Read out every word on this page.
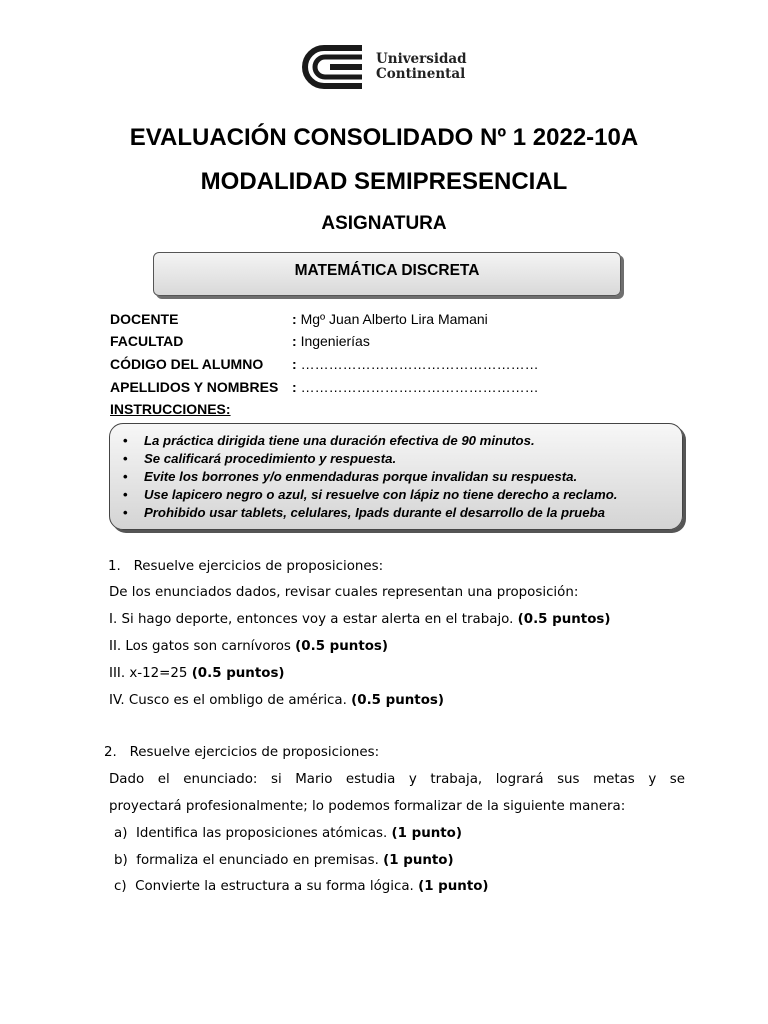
Universidad
Continental
EVALUACIÓN CONSOLIDADO Nº 1 2022-10A
MODALIDAD SEMIPRESENCIAL
ASIGNATURA
MATEMÁTICA DISCRETA
DOCENTE	: Mgº Juan Alberto Lira Mamani
FACULTAD	: Ingenierías
CÓDIGO DEL ALUMNO : ……………………………………………
APELLIDOS Y NOMBRES : ……………………………………………
INSTRUCCIONES:
• La práctica dirigida tiene una duración efectiva de 90 minutos.
• Se calificará procedimiento y respuesta.
• Evite los borrones y/o enmendaduras porque invalidan su respuesta.
• Use lapicero negro o azul, si resuelve con lápiz no tiene derecho a reclamo.
• Prohibido usar tablets, celulares, Ipads durante el desarrollo de la prueba
1. Resuelve ejercicios de proposiciones:
De los enunciados dados, revisar cuales representan una proposición:
I. Si hago deporte, entonces voy a estar alerta en el trabajo. (0.5 puntos)
II. Los gatos son carnívoros (0.5 puntos)
III. x-12=25 (0.5 puntos)
IV. Cusco es el ombligo de américa. (0.5 puntos)
2. Resuelve ejercicios de proposiciones:
Dado el enunciado: si Mario estudia y trabaja, logrará sus metas y se
proyectará profesionalmente; lo podemos formalizar de la siguiente manera:
a) Identifica las proposiciones atómicas. (1 punto)
b) formaliza el enunciado en premisas. (1 punto)
c) Convierte la estructura a su forma lógica. (1 punto)
